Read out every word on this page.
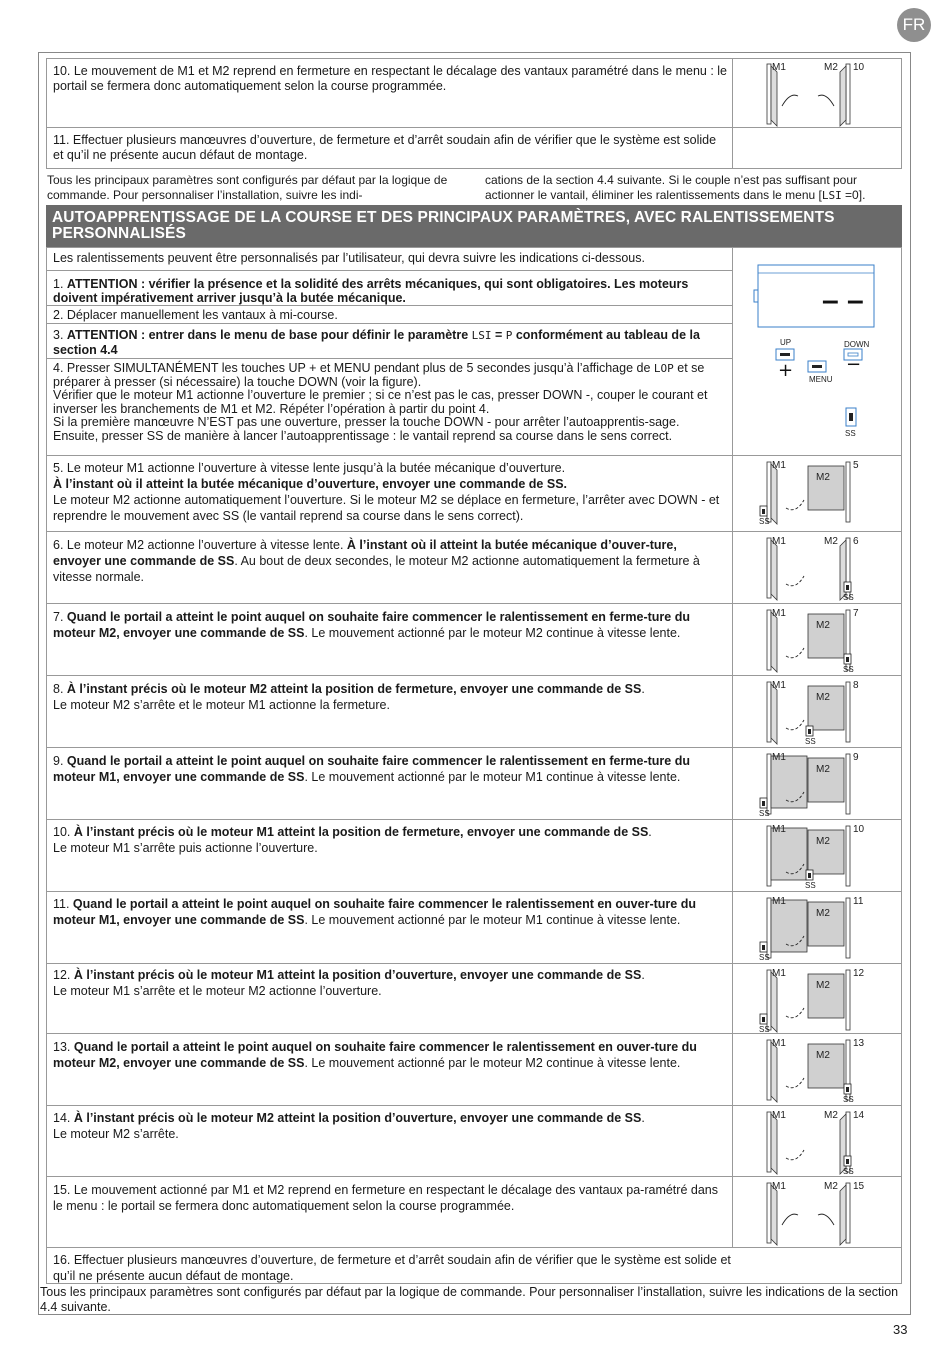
FR
10. Le mouvement de M1 et M2 reprend en fermeture en respectant le décalage des vantaux paramétré dans le menu : le portail se fermera donc automatiquement selon la course programmée.
11. Effectuer plusieurs manœuvres d’ouverture, de fermeture et d’arrêt soudain afin de vérifier que le système est solide et qu’il ne présente aucun défaut de montage.
Tous les principaux paramètres sont configurés par défaut par la logique de commande. Pour personnaliser l’installation, suivre les indi-
cations de la section 4.4 suivante. Si le couple n’est pas suffisant pour actionner le vantail, éliminer les ralentissements dans le menu [LSI =0].
AUTOAPPRENTISSAGE DE LA COURSE ET DES PRINCIPAUX PARAMÈTRES, AVEC RALENTISSEMENTS PERSONNALISÉS
Les ralentissements peuvent être personnalisés par l’utilisateur, qui devra suivre les indications ci-dessous.
1. ATTENTION : vérifier la présence et la solidité des arrêts mécaniques, qui sont obligatoires. Les moteurs doivent impérativement arriver jusqu’à la butée mécanique.
2. Déplacer manuellement les vantaux à mi-course.
3. ATTENTION : entrer dans le menu de base pour définir le paramètre LSI = P conformément au tableau de la section 4.4
4. Presser SIMULTANÉMENT les touches UP + et MENU pendant plus de 5 secondes jusqu’à l’affichage de LOP et se préparer à presser (si nécessaire) la touche DOWN (voir la figure).
Vérifier que le moteur M1 actionne l’ouverture le premier ; si ce n’est pas le cas, presser DOWN -, couper le courant et inverser les branchements de M1 et M2. Répéter l’opération à partir du point 4.
Si la première manœuvre N’EST pas une ouverture, presser la touche DOWN - pour arrêter l’autoapprentis-sage. Ensuite, presser SS de manière à lancer l’autoapprentissage : le vantail reprend sa course dans le sens correct.
5. Le moteur M1 actionne l’ouverture à vitesse lente jusqu’à la butée mécanique d’ouverture.
À l’instant où il atteint la butée mécanique d’ouverture, envoyer une commande de SS.
Le moteur M2 actionne automatiquement l’ouverture. Si le moteur M2 se déplace en fermeture, l’arrêter avec DOWN - et reprendre le mouvement avec SS (le vantail reprend sa course dans le sens correct).
6. Le moteur M2 actionne l’ouverture à vitesse lente. À l’instant où il atteint la butée mécanique d’ouver-ture, envoyer une commande de SS. Au bout de deux secondes, le moteur M2 actionne automatiquement la fermeture à vitesse normale.
7. Quand le portail a atteint le point auquel on souhaite faire commencer le ralentissement en ferme-ture du moteur M2, envoyer une commande de SS. Le mouvement actionné par le moteur M2 continue à vitesse lente.
8. À l’instant précis où le moteur M2 atteint la position de fermeture, envoyer une commande de SS.
Le moteur M2 s’arrête et le moteur M1 actionne la fermeture.
9. Quand le portail a atteint le point auquel on souhaite faire commencer le ralentissement en ferme-ture du moteur M1, envoyer une commande de SS. Le mouvement actionné par le moteur M1 continue à vitesse lente.
10. À l’instant précis où le moteur M1 atteint la position de fermeture, envoyer une commande de SS.
Le moteur M1 s’arrête puis actionne l’ouverture.
11. Quand le portail a atteint le point auquel on souhaite faire commencer le ralentissement en ouver-ture du moteur M1, envoyer une commande de SS. Le mouvement actionné par le moteur M1 continue à vitesse lente.
12. À l’instant précis où le moteur M1 atteint la position d’ouverture, envoyer une commande de SS.
Le moteur M1 s’arrête et le moteur M2 actionne l’ouverture.
13. Quand le portail a atteint le point auquel on souhaite faire commencer le ralentissement en ouver-ture du moteur M2, envoyer une commande de SS. Le mouvement actionné par le moteur M2 continue à vitesse lente.
14. À l’instant précis où le moteur M2 atteint la position d’ouverture, envoyer une commande de SS.
Le moteur M2 s’arrête.
15. Le mouvement actionné par M1 et M2 reprend en fermeture en respectant le décalage des vantaux pa-ramétré dans le menu : le portail se fermera donc automatiquement selon la course programmée.
16. Effectuer plusieurs manœuvres d’ouverture, de fermeture et d’arrêt soudain afin de vérifier que le système est solide et qu’il ne présente aucun défaut de montage.
Tous les principaux paramètres sont configurés par défaut par la logique de commande. Pour personnaliser l’installation, suivre les indications de la section 4.4 suivante.
– –
UP
+
DOWN
−
MENU
SS
M1	M2 10
M1
M2
5
SS
M1	M2 6
SS
M1
M2
7
SS
M1
M2
8
SS
M1
M2
9
SS
M1
M2
10
SS
M1
M2
11
SS
M1
M2
12
SS
M1
M2
13
SS
M1	M2 14
SS
M1	M2 15
33
